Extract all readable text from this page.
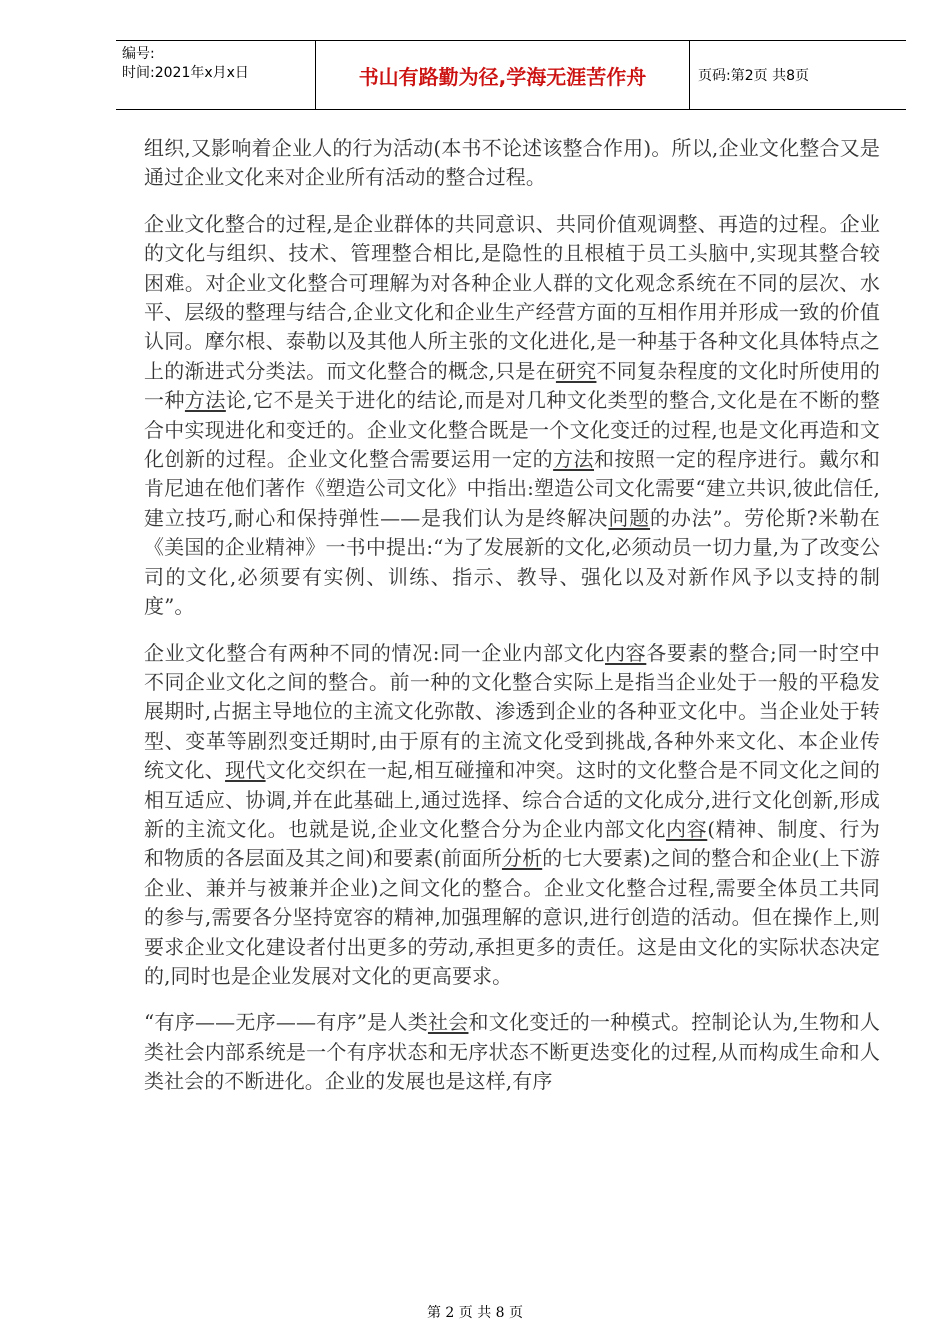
编号:
时间:2021年x月x日	书山有路勤为径,学海无涯苦作舟	页码:第2页 共8页

组织,又影响着企业人的行为活动(本书不论述该整合作用)。所以,企业文化整合又是通过企业文化来对企业所有活动的整合过程。

企业文化整合的过程,是企业群体的共同意识、共同价值观调整、再造的过程。企业的文化与组织、技术、管理整合相比,是隐性的且根植于员工头脑中,实现其整合较困难。对企业文化整合可理解为对各种企业人群的文化观念系统在不同的层次、水平、层级的整理与结合,企业文化和企业生产经营方面的互相作用并形成一致的价值认同。摩尔根、泰勒以及其他人所主张的文化进化,是一种基于各种文化具体特点之上的渐进式分类法。而文化整合的概念,只是在研究不同复杂程度的文化时所使用的一种方法论,它不是关于进化的结论,而是对几种文化类型的整合,文化是在不断的整合中实现进化和变迁的。企业文化整合既是一个文化变迁的过程,也是文化再造和文化创新的过程。企业文化整合需要运用一定的方法和按照一定的程序进行。戴尔和肯尼迪在他们著作《塑造公司文化》中指出:塑造公司文化需要“建立共识,彼此信任,建立技巧,耐心和保持弹性——是我们认为是终解决问题的办法”。劳伦斯?米勒在《美国的企业精神》一书中提出:“为了发展新的文化,必须动员一切力量,为了改变公司的文化,必须要有实例、训练、指示、教导、强化以及对新作风予以支持的制度”。

企业文化整合有两种不同的情况:同一企业内部文化内容各要素的整合;同一时空中不同企业文化之间的整合。前一种的文化整合实际上是指当企业处于一般的平稳发展期时,占据主导地位的主流文化弥散、渗透到企业的各种亚文化中。当企业处于转型、变革等剧烈变迁期时,由于原有的主流文化受到挑战,各种外来文化、本企业传统文化、现代文化交织在一起,相互碰撞和冲突。这时的文化整合是不同文化之间的相互适应、协调,并在此基础上,通过选择、综合合适的文化成分,进行文化创新,形成新的主流文化。也就是说,企业文化整合分为企业内部文化内容(精神、制度、行为和物质的各层面及其之间)和要素(前面所分析的七大要素)之间的整合和企业(上下游企业、兼并与被兼并企业)之间文化的整合。企业文化整合过程,需要全体员工共同的参与,需要各分坚持宽容的精神,加强理解的意识,进行创造的活动。但在操作上,则要求企业文化建设者付出更多的劳动,承担更多的责任。这是由文化的实际状态决定的,同时也是企业发展对文化的更高要求。

“有序——无序——有序”是人类社会和文化变迁的一种模式。控制论认为,生物和人类社会内部系统是一个有序状态和无序状态不断更迭变化的过程,从而构成生命和人类社会的不断进化。企业的发展也是这样,有序

第 2 页 共 8 页
